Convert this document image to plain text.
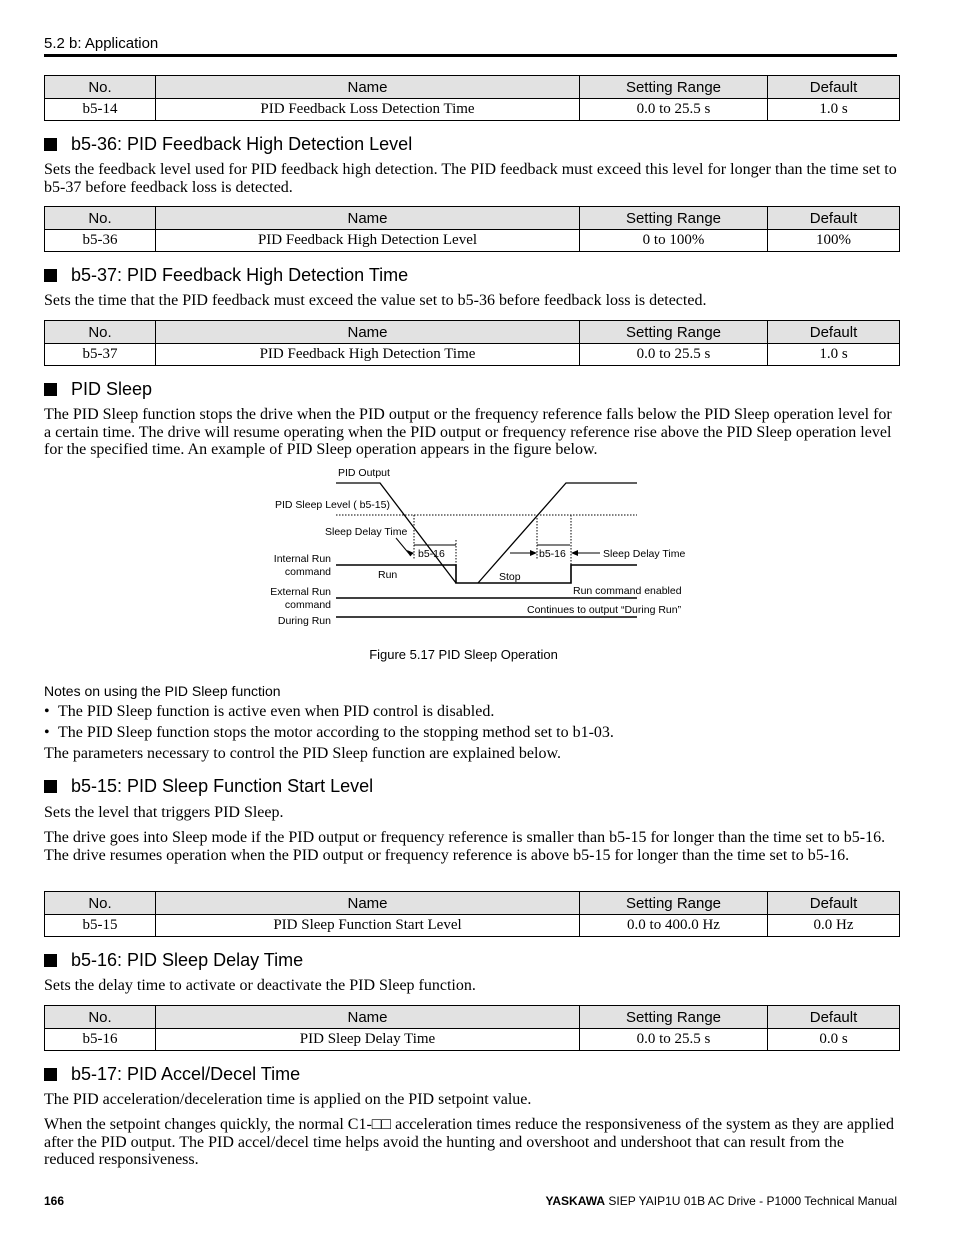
5.2 b: Application
No.	Name	Setting Range	Default
b5-14	PID Feedback Loss Detection Time	0.0 to 25.5 s	1.0 s
b5-36: PID Feedback High Detection Level

Sets the feedback level used for PID feedback high detection. The PID feedback must exceed this level for longer than the time set to b5-37 before feedback loss is detected.

No.	Name	Setting Range	Default
b5-36	PID Feedback High Detection Level	0 to 100%	100%
b5-37: PID Feedback High Detection Time

Sets the time that the PID feedback must exceed the value set to b5-36 before feedback loss is detected.

No.	Name	Setting Range	Default
b5-37	PID Feedback High Detection Time	0.0 to 25.5 s	1.0 s
PID Sleep

The PID Sleep function stops the drive when the PID output or the frequency reference falls below the PID Sleep operation level for a certain time. The drive will resume operating when the PID output or frequency reference rise above the PID Sleep operation level for the specified time. An example of PID Sleep operation appears in the figure below.

PID Output
PID Sleep Level ( b5-15)
Sleep Delay Time
b5-16	b5-16	Sleep Delay Time
Internal Run
command	Run	Stop
External Run
command
Run command enabled
During Run
Continues to output “During Run”
Figure 5.17 PID Sleep Operation
Notes on using the PID Sleep function
• The PID Sleep function is active even when PID control is disabled.

• The PID Sleep function stops the motor according to the stopping method set to b1-03.

The parameters necessary to control the PID Sleep function are explained below.

b5-15: PID Sleep Function Start Level

Sets the level that triggers PID Sleep.

The drive goes into Sleep mode if the PID output or frequency reference is smaller than b5-15 for longer than the time set to b5-16. The drive resumes operation when the PID output or frequency reference is above b5-15 for longer than the time set to b5-16.

No.	Name	Setting Range	Default
b5-15	PID Sleep Function Start Level	0.0 to 400.0 Hz	0.0 Hz
b5-16: PID Sleep Delay Time

Sets the delay time to activate or deactivate the PID Sleep function.

No.	Name	Setting Range	Default
b5-16	PID Sleep Delay Time	0.0 to 25.5 s	0.0 s
b5-17: PID Accel/Decel Time

The PID acceleration/deceleration time is applied on the PID setpoint value.

When the setpoint changes quickly, the normal C1-□□ acceleration times reduce the responsiveness of the system as they are applied after the PID output. The PID accel/decel time helps avoid the hunting and overshoot and undershoot that can result from the reduced responsiveness.

166	YASKAWA SIEP YAIP1U 01B AC Drive - P1000 Technical Manual
